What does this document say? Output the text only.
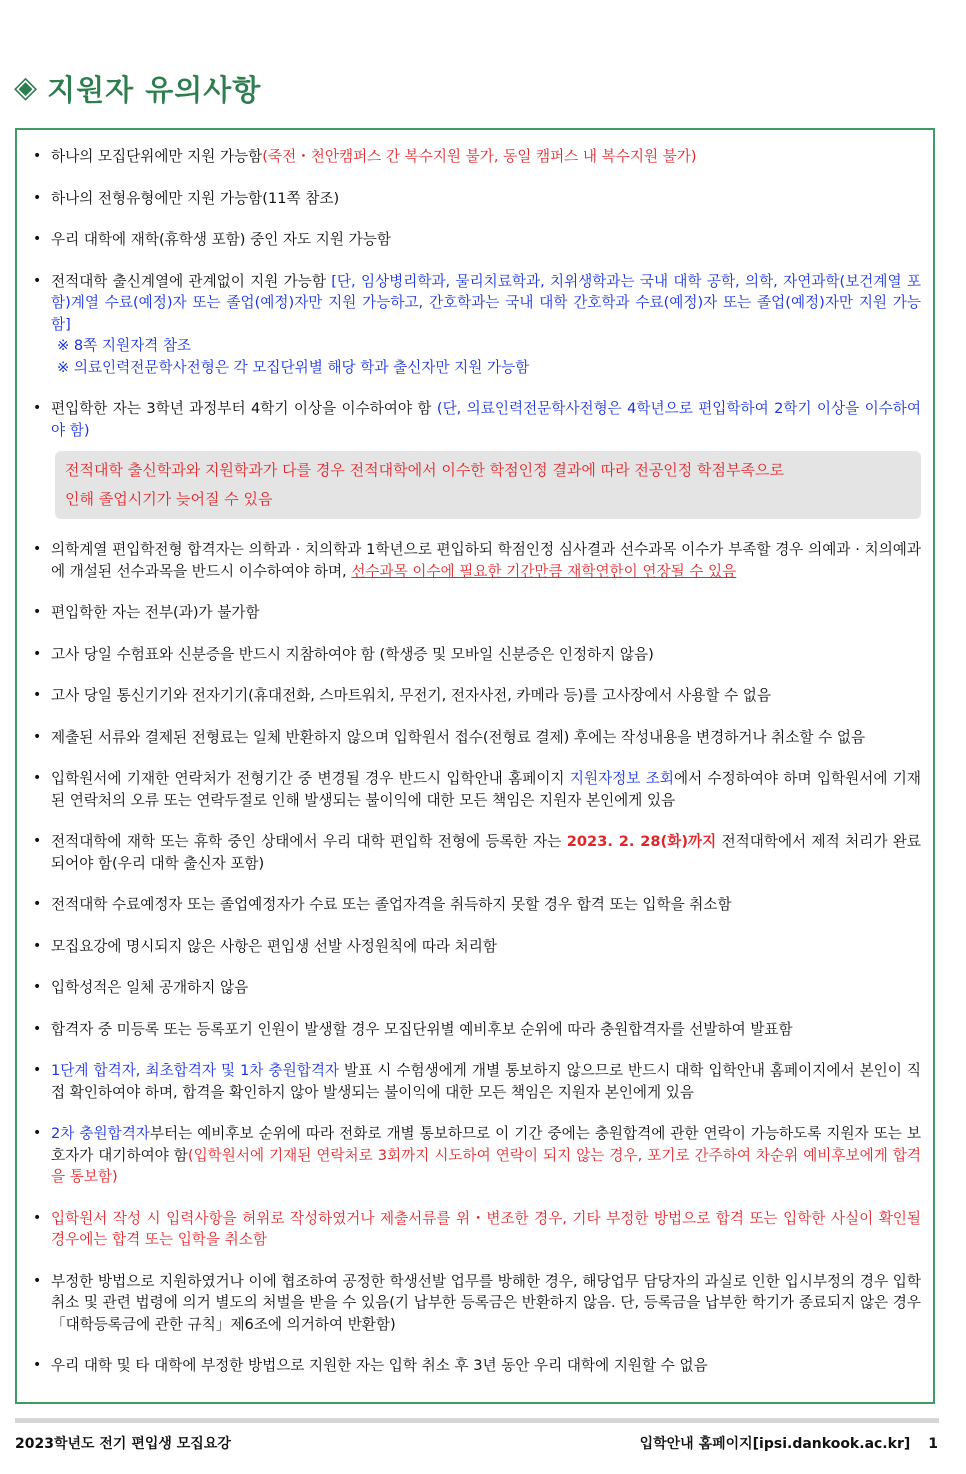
◈ 지원자 유의사항
• 하나의 모집단위에만 지원 가능함(죽전・천안캠퍼스 간 복수지원 불가, 동일 캠퍼스 내 복수지원 불가)
• 하나의 전형유형에만 지원 가능함(11쪽 참조)
• 우리 대학에 재학(휴학생 포함) 중인 자도 지원 가능함
• 전적대학 출신계열에 관계없이 지원 가능함 [단, 임상병리학과, 물리치료학과, 치위생학과는 국내 대학 공학, 의학, 자연과학(보건계열 포함)계열 수료(예정)자 또는 졸업(예정)자만 지원 가능하고, 간호학과는 국내 대학 간호학과 수료(예정)자 또는 졸업(예정)자만 지원 가능함]
※ 8쪽 지원자격 참조
※ 의료인력전문학사전형은 각 모집단위별 해당 학과 출신자만 지원 가능함
• 편입학한 자는 3학년 과정부터 4학기 이상을 이수하여야 함 (단, 의료인력전문학사전형은 4학년으로 편입학하여 2학기 이상을 이수하여야 함)
전적대학 출신학과와 지원학과가 다를 경우 전적대학에서 이수한 학점인정 결과에 따라 전공인정 학점부족으로
인해 졸업시기가 늦어질 수 있음
• 의학계열 편입학전형 합격자는 의학과 · 치의학과 1학년으로 편입하되 학점인정 심사결과 선수과목 이수가 부족할 경우 의예과 · 치의예과에 개설된 선수과목을 반드시 이수하여야 하며, 선수과목 이수에 필요한 기간만큼 재학연한이 연장될 수 있음
• 편입학한 자는 전부(과)가 불가함
• 고사 당일 수험표와 신분증을 반드시 지참하여야 함 (학생증 및 모바일 신분증은 인정하지 않음)
• 고사 당일 통신기기와 전자기기(휴대전화, 스마트워치, 무전기, 전자사전, 카메라 등)를 고사장에서 사용할 수 없음
• 제출된 서류와 결제된 전형료는 일체 반환하지 않으며 입학원서 접수(전형료 결제) 후에는 작성내용을 변경하거나 취소할 수 없음
• 입학원서에 기재한 연락처가 전형기간 중 변경될 경우 반드시 입학안내 홈페이지 지원자정보 조회에서 수정하여야 하며 입학원서에 기재된 연락처의 오류 또는 연락두절로 인해 발생되는 불이익에 대한 모든 책임은 지원자 본인에게 있음
• 전적대학에 재학 또는 휴학 중인 상태에서 우리 대학 편입학 전형에 등록한 자는 2023. 2. 28(화)까지 전적대학에서 제적 처리가 완료되어야 함(우리 대학 출신자 포함)
• 전적대학 수료예정자 또는 졸업예정자가 수료 또는 졸업자격을 취득하지 못할 경우 합격 또는 입학을 취소함
• 모집요강에 명시되지 않은 사항은 편입생 선발 사정원칙에 따라 처리함
• 입학성적은 일체 공개하지 않음
• 합격자 중 미등록 또는 등록포기 인원이 발생할 경우 모집단위별 예비후보 순위에 따라 충원합격자를 선발하여 발표함
• 1단계 합격자, 최초합격자 및 1차 충원합격자 발표 시 수험생에게 개별 통보하지 않으므로 반드시 대학 입학안내 홈페이지에서 본인이 직접 확인하여야 하며, 합격을 확인하지 않아 발생되는 불이익에 대한 모든 책임은 지원자 본인에게 있음
• 2차 충원합격자부터는 예비후보 순위에 따라 전화로 개별 통보하므로 이 기간 중에는 충원합격에 관한 연락이 가능하도록 지원자 또는 보호자가 대기하여야 함(입학원서에 기재된 연락처로 3회까지 시도하여 연락이 되지 않는 경우, 포기로 간주하여 차순위 예비후보에게 합격을 통보함)
• 입학원서 작성 시 입력사항을 허위로 작성하였거나 제출서류를 위・변조한 경우, 기타 부정한 방법으로 합격 또는 입학한 사실이 확인될 경우에는 합격 또는 입학을 취소함
• 부정한 방법으로 지원하였거나 이에 협조하여 공정한 학생선발 업무를 방해한 경우, 해당업무 담당자의 과실로 인한 입시부정의 경우 입학 취소 및 관련 법령에 의거 별도의 처벌을 받을 수 있음(기 납부한 등록금은 반환하지 않음. 단, 등록금을 납부한 학기가 종료되지 않은 경우「대학등록금에 관한 규칙」제6조에 의거하여 반환함)
• 우리 대학 및 타 대학에 부정한 방법으로 지원한 자는 입학 취소 후 3년 동안 우리 대학에 지원할 수 없음
2023학년도 전기 편입생 모집요강	입학안내 홈페이지[ipsi.dankook.ac.kr] 1
